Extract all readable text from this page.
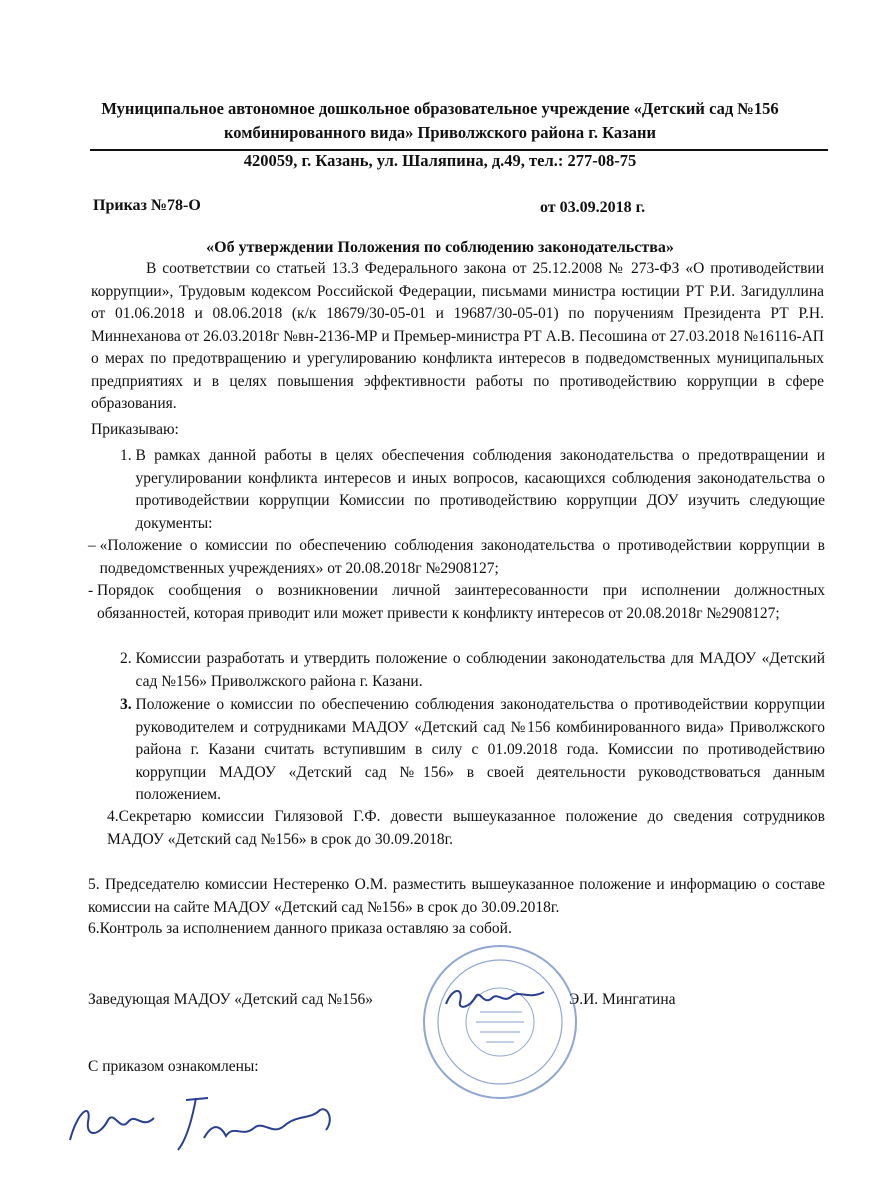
Муниципальное автономное дошкольное образовательное учреждение «Детский сад №156
комбинированного вида» Приволжского района г. Казани
420059, г. Казань, ул. Шаляпина, д.49, тел.: 277-08-75
Приказ №78-О	от 03.09.2018 г.
«Об утверждении Положения по соблюдению законодательства»
В соответствии со статьей 13.3 Федерального закона от 25.12.2008 № 273-ФЗ «О противодействии коррупции», Трудовым кодексом Российской Федерации, письмами министра юстиции РТ Р.И. Загидуллина от 01.06.2018 и 08.06.2018 (к/к 18679/30-05-01 и 19687/30-05-01) по поручениям Президента РТ Р.Н. Миннеханова от 26.03.2018г №вн-2136-МР и Премьер-министра РТ А.В. Песошина от 27.03.2018 №16116-АП о мерах по предотвращению и урегулированию конфликта интересов в подведомственных муниципальных предприятиях и в целях повышения эффективности работы по противодействию коррупции в сфере образования.
Приказываю:
1. В рамках данной работы в целях обеспечения соблюдения законодательства о предотвращении и урегулировании конфликта интересов и иных вопросов, касающихся соблюдения законодательства о противодействии коррупции Комиссии по противодействию коррупции ДОУ изучить следующие документы:
– «Положение о комиссии по обеспечению соблюдения законодательства о противодействии коррупции в подведомственных учреждениях» от 20.08.2018г №2908127;
- Порядок сообщения о возникновении личной заинтересованности при исполнении должностных обязанностей, которая приводит или может привести к конфликту интересов от 20.08.2018г №2908127;
2. Комиссии разработать и утвердить положение о соблюдении законодательства для МАДОУ «Детский сад №156» Приволжского района г. Казани.
3. Положение о комиссии по обеспечению соблюдения законодательства о противодействии коррупции руководителем и сотрудниками МАДОУ «Детский сад №156 комбинированного вида» Приволжского района г. Казани считать вступившим в силу с 01.09.2018 года. Комиссии по противодействию коррупции МАДОУ «Детский сад №156» в своей деятельности руководствоваться данным положением.
4.Секретарю комиссии Гилязовой Г.Ф. довести вышеуказанное положение до сведения сотрудников МАДОУ «Детский сад №156» в срок до 30.09.2018г.
5. Председателю комиссии Нестеренко О.М. разместить вышеуказанное положение и информацию о составе комиссии на сайте МАДОУ «Детский сад №156» в срок до 30.09.2018г.
6.Контроль за исполнением данного приказа оставляю за собой.
Заведующая МАДОУ «Детский сад №156»	Э.И. Мингатина
С приказом ознакомлены:
